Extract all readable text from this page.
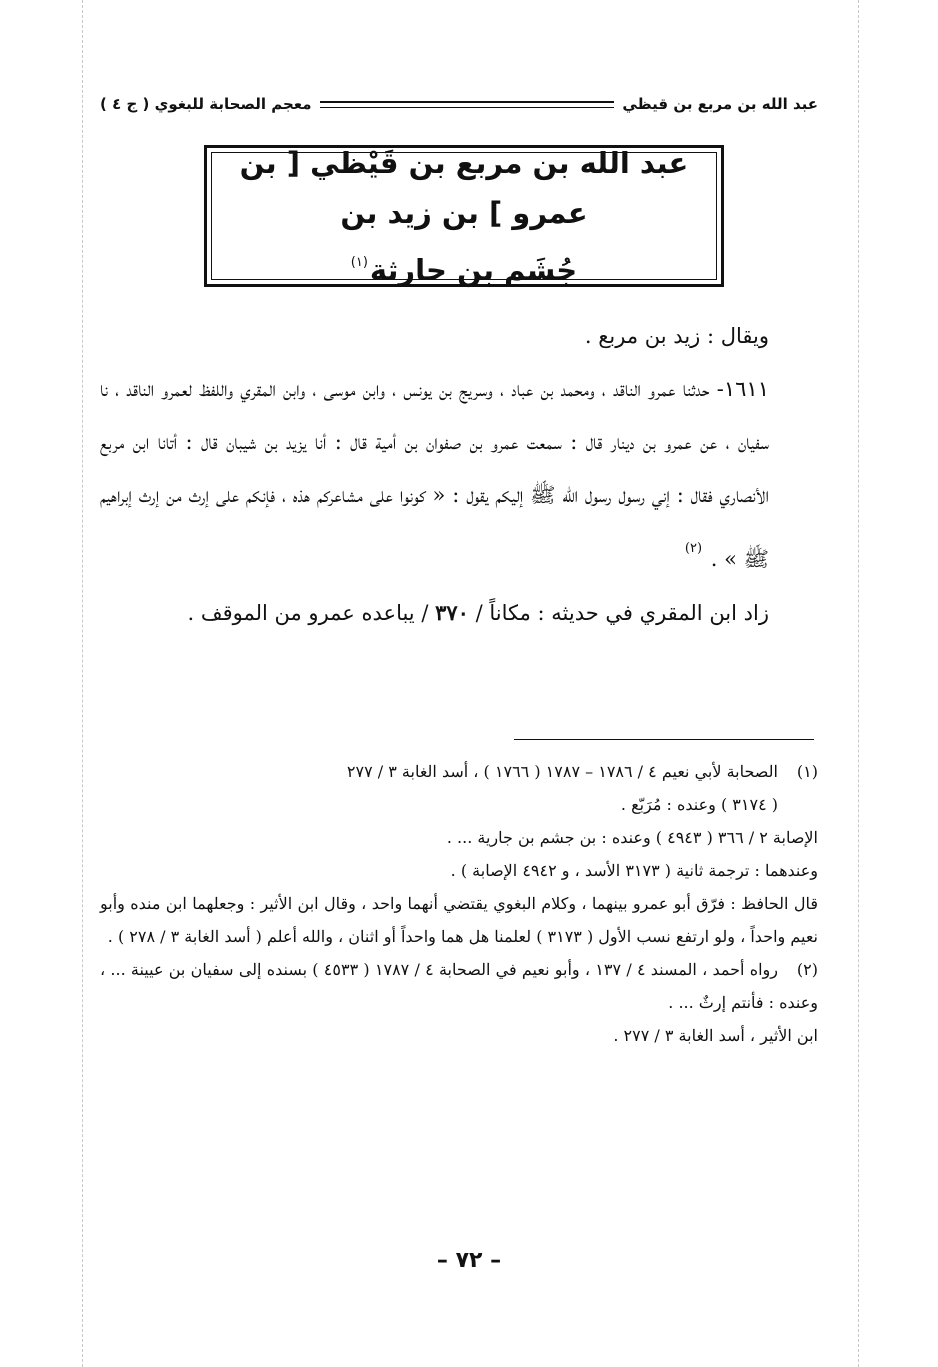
عبد الله بن مربع بن قيظي
معجم الصحابة للبغوي ( ج ٤ )
عبد الله بن مربع بن قَيْظي [ بن عمرو ] بن زيد بن
جُشَم بن حارثة$^{(١)}$

ويقال : زيد بن مربع .

١٦١١- حدثنا عمرو الناقد ، ومحمد بن عباد ، وسريج بن يونس ، وابن موسى ، وابن المقري واللفظ لعمرو الناقد ، نا سفيان ، عن عمرو بن دينار قال : سمعت عمرو بن صفوان بن أمية قال : أنا يزيد بن شيبان قال : أتانا ابن مربع الأنصاري فقال : إني رسول رسول الله ﷺ إليكم يقول : « كونوا على مشاعركم هذه ، فإنكم على إرث من إرث إبراهيم ﷺ » . $^{(٢)}$

زاد ابن المقري في حديثه : مكاناً / ٣٧٠ / يباعده عمرو من الموقف .

(١)الصحابة لأبي نعيم ٤ / ١٧٨٦ – ١٧٨٧ ( ١٧٦٦ ) ، أسد الغابة ٣ / ٢٧٧

( ٣١٧٤ ) وعنده : مُرَبّع .

الإصابة ٢ / ٣٦٦ ( ٤٩٤٣ ) وعنده : بن جشم بن جارية ... .

وعندهما : ترجمة ثانية ( ٣١٧٣ الأسد ، و ٤٩٤٢ الإصابة ) .

قال الحافظ : فرّق أبو عمرو بينهما ، وكلام البغوي يقتضي أنهما واحد ، وقال ابن الأثير : وجعلهما ابن منده وأبو نعيم واحداً ، ولو ارتفع نسب الأول ( ٣١٧٣ ) لعلمنا هل هما واحداً أو اثنان ، والله أعلم ( أسد الغابة ٣ / ٢٧٨ ) .

(٢)رواه أحمد ، المسند ٤ / ١٣٧ ، وأبو نعيم في الصحابة ٤ / ١٧٨٧ ( ٤٥٣٣ ) بسنده إلى سفيان بن عيينة ... ، وعنده : فأنتم إرثٌ ... .

ابن الأثير ، أسد الغابة ٣ / ٢٧٧ .

– ٧٢ –
